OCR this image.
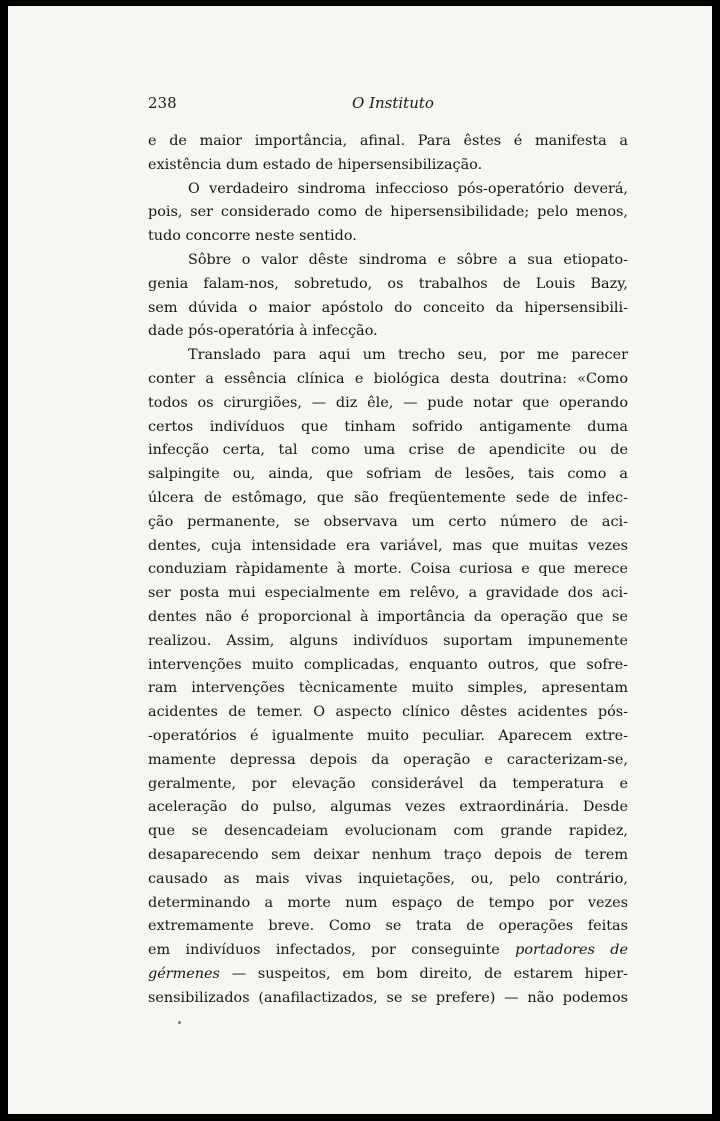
238	O Instituto
e de maior importância, afinal. Para êstes é manifesta a
existência dum estado de hipersensibilização.
O verdadeiro sindroma infeccioso pós-operatório deverá,
pois, ser considerado como de hipersensibilidade; pelo menos,
tudo concorre neste sentido.
Sôbre o valor dêste sindroma e sôbre a sua etiopato-
genia falam-nos, sobretudo, os trabalhos de Louis Bazy,
sem dúvida o maior apóstolo do conceito da hipersensibili-
dade pós-operatória à infecção.
Translado para aqui um trecho seu, por me parecer
conter a essência clínica e biológica desta doutrina: «Como
todos os cirurgiões, — diz êle, — pude notar que operando
certos indivíduos que tinham sofrido antigamente duma
infecção certa, tal como uma crise de apendicite ou de
salpingite ou, ainda, que sofriam de lesões, tais como a
úlcera de estômago, que são freqüentemente sede de infec-
ção permanente, se observava um certo número de aci-
dentes, cuja intensidade era variável, mas que muitas vezes
conduziam ràpidamente à morte. Coisa curiosa e que merece
ser posta mui especialmente em relêvo, a gravidade dos aci-
dentes não é proporcional à importância da operação que se
realizou. Assim, alguns indivíduos suportam impunemente
intervenções muito complicadas, enquanto outros, que sofre-
ram intervenções tècnicamente muito simples, apresentam
acidentes de temer. O aspecto clínico dêstes acidentes pós-
-operatórios é igualmente muito peculiar. Aparecem extre-
mamente depressa depois da operação e caracterizam-se,
geralmente, por elevação considerável da temperatura e
aceleração do pulso, algumas vezes extraordinária. Desde
que se desencadeiam evolucionam com grande rapidez,
desaparecendo sem deixar nenhum traço depois de terem
causado as mais vivas inquietações, ou, pelo contrário,
determinando a morte num espaço de tempo por vezes
extremamente breve. Como se trata de operações feitas
em indivíduos infectados, por conseguinte portadores de
gérmenes — suspeitos, em bom direito, de estarem hiper-
sensibilizados (anafilactizados, se se prefere) — não podemos
